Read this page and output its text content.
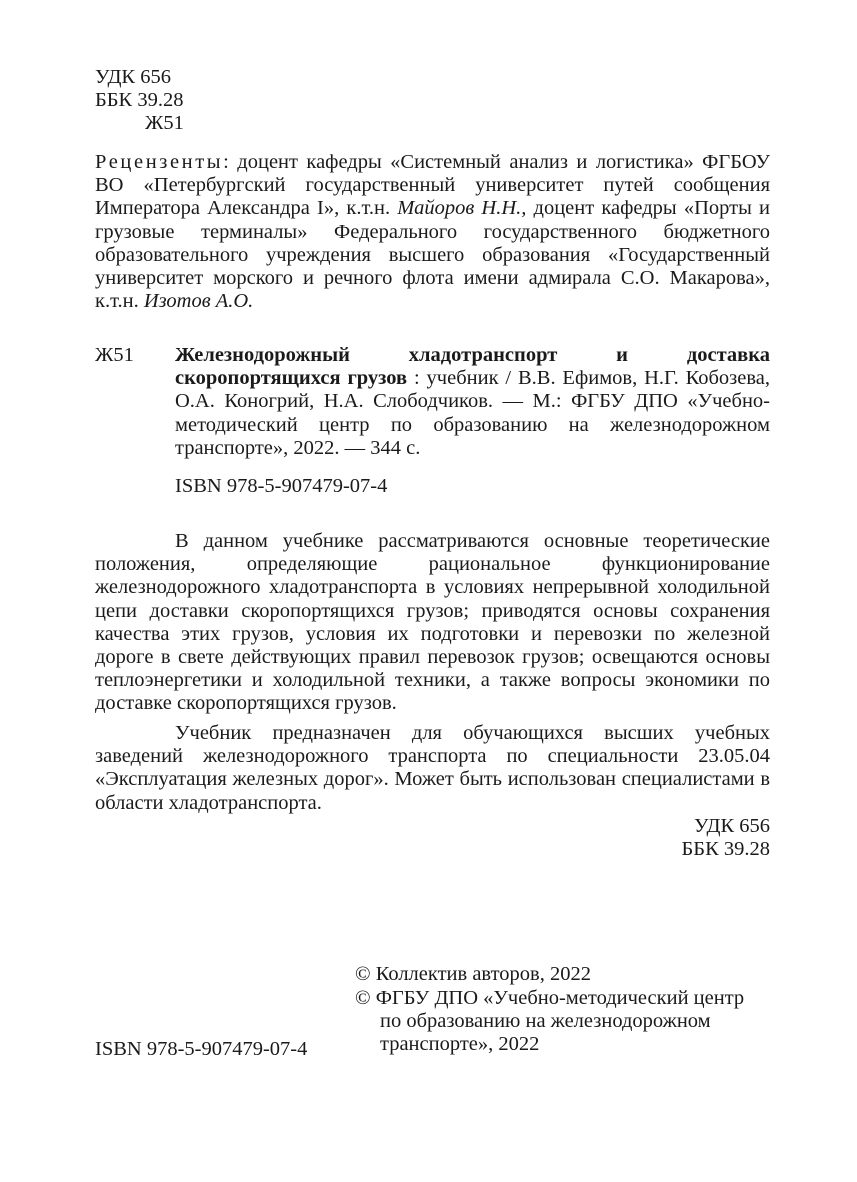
УДК 656
ББК 39.28
Ж51
Рецензенты: доцент кафедры «Системный анализ и логистика» ФГБОУ ВО «Петербургский государственный университет путей сообщения Императора Александра I», к.т.н. Майоров Н.Н., доцент кафедры «Порты и грузовые терминалы» Федерального государственного бюджетного образовательного учреждения высшего образования «Государственный университет морского и речного флота имени адмирала С.О. Макарова», к.т.н. Изотов А.О.
Ж51 Железнодорожный хладотранспорт и доставка скоропортящихся грузов : учебник / В.В. Ефимов, Н.Г. Кобозева, О.А. Коногрий, Н.А. Слободчиков. — М.: ФГБУ ДПО «Учебно-методический центр по образованию на железнодорожном транспорте», 2022. — 344 с.
ISBN 978-5-907479-07-4
В данном учебнике рассматриваются основные теоретические положения, определяющие рациональное функционирование железнодорожного хладотранспорта в условиях непрерывной холодильной цепи доставки скоропортящихся грузов; приводятся основы сохранения качества этих грузов, условия их подготовки и перевозки по железной дороге в свете действующих правил перевозок грузов; освещаются основы теплоэнергетики и холодильной техники, а также вопросы экономики по доставке скоропортящихся грузов.
Учебник предназначен для обучающихся высших учебных заведений железнодорожного транспорта по специальности 23.05.04 «Эксплуатация железных дорог». Может быть использован специалистами в области хладотранспорта.
УДК 656
ББК 39.28
ISBN 978-5-907479-07-4
© Коллектив авторов, 2022
© ФГБУ ДПО «Учебно-методический центр по образованию на железнодорожном транспорте», 2022
